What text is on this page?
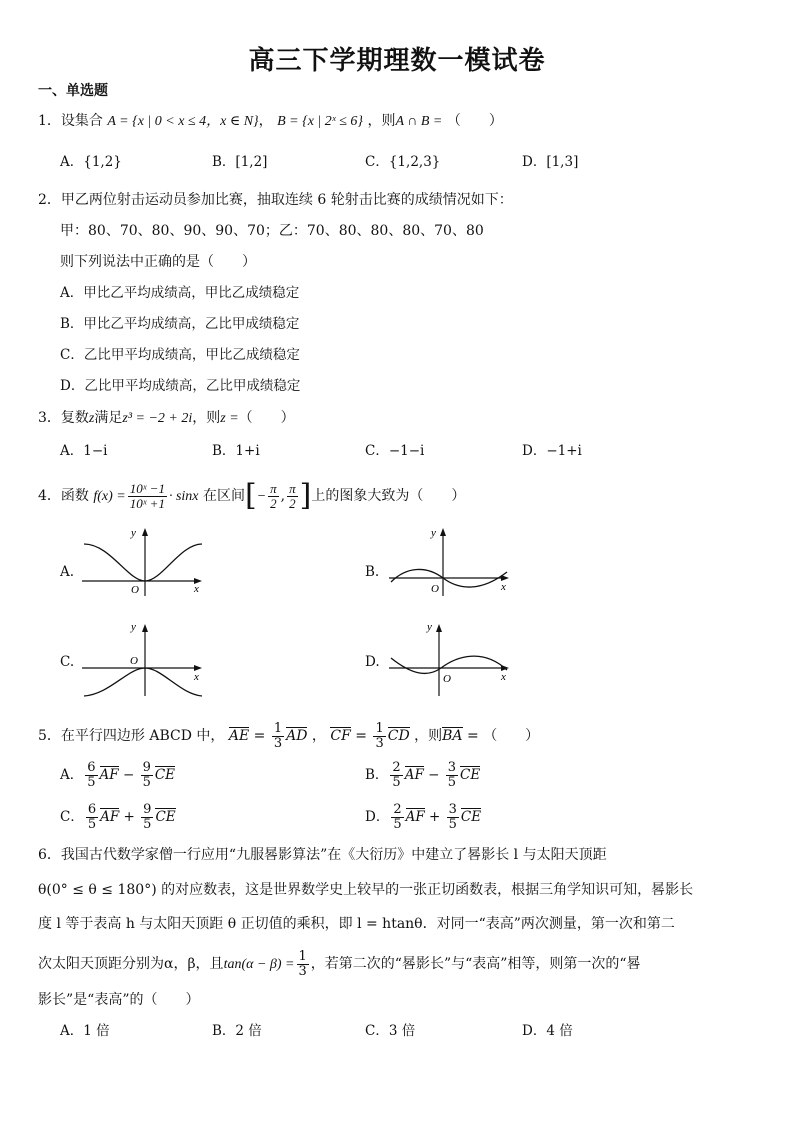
高三下学期理数一模试卷
一、单选题
1．设集合 A = {x | 0 < x ≤ 4，x ∈ N}， B = {x | 2ˣ ≤ 6} ，则A ∩ B = （　　）
A．{1,2}	B．[1,2]	C．{1,2,3}	D．[1,3]
2．甲乙两位射击运动员参加比赛，抽取连续 6 轮射击比赛的成绩情况如下：
甲：80、70、80、90、90、70；乙：70、80、80、80、70、80
则下列说法中正确的是（　　）
A．甲比乙平均成绩高，甲比乙成绩稳定
B．甲比乙平均成绩高，乙比甲成绩稳定
C．乙比甲平均成绩高，甲比乙成绩稳定
D．乙比甲平均成绩高，乙比甲成绩稳定
3．复数z满足z³ = −2 + 2i，则z =（　　）
A．1−i	B．1+i	C．−1−i	D．−1+i
4．函数 $f(x) = \frac{\text{10ˣ −1}}{\text{10ˣ +1}} \cdot \sin x$ 在区间[− $\frac{\pi}{2}$ , $\frac{\pi}{2}$ ]上的图象大致为（　　）
A.	B.
C.	D.
y
x
O
y
x
O
y
x
O
y
x
O
5．在平行四边形 ABCD 中， AE = $\frac{1}{3}$ AD ， CF = $\frac{1}{3}$ CD ，则BA = （　　）
A． $\frac{6}{5}$ AF − $\frac{9}{5}$ CE	B． $\frac{2}{5}$ AF − $\frac{3}{5}$ CE
C． $\frac{6}{5}$ AF + $\frac{9}{5}$ CE	D． $\frac{2}{5}$ AF + $\frac{3}{5}$ CE
6．我国古代数学家僧一行应用“九服晷影算法”在《大衍历》中建立了晷影长 l 与太阳天顶距
θ(0° ≤ θ ≤ 180°) 的对应数表，这是世界数学史上较早的一张正切函数表，根据三角学知识可知，晷影长
度 l 等于表高 h 与太阳天顶距 θ 正切值的乘积，即 l = htanθ．对同一“表高”两次测量，第一次和第二
次太阳天顶距分别为α，β，且$\tan(\alpha - \beta) = \frac{1}{3}$ ，若第二次的“晷影长”与“表高”相等，则第一次的“晷
影长”是“表高”的（　　）
A．1 倍	B．2 倍	C．3 倍	D．4 倍
